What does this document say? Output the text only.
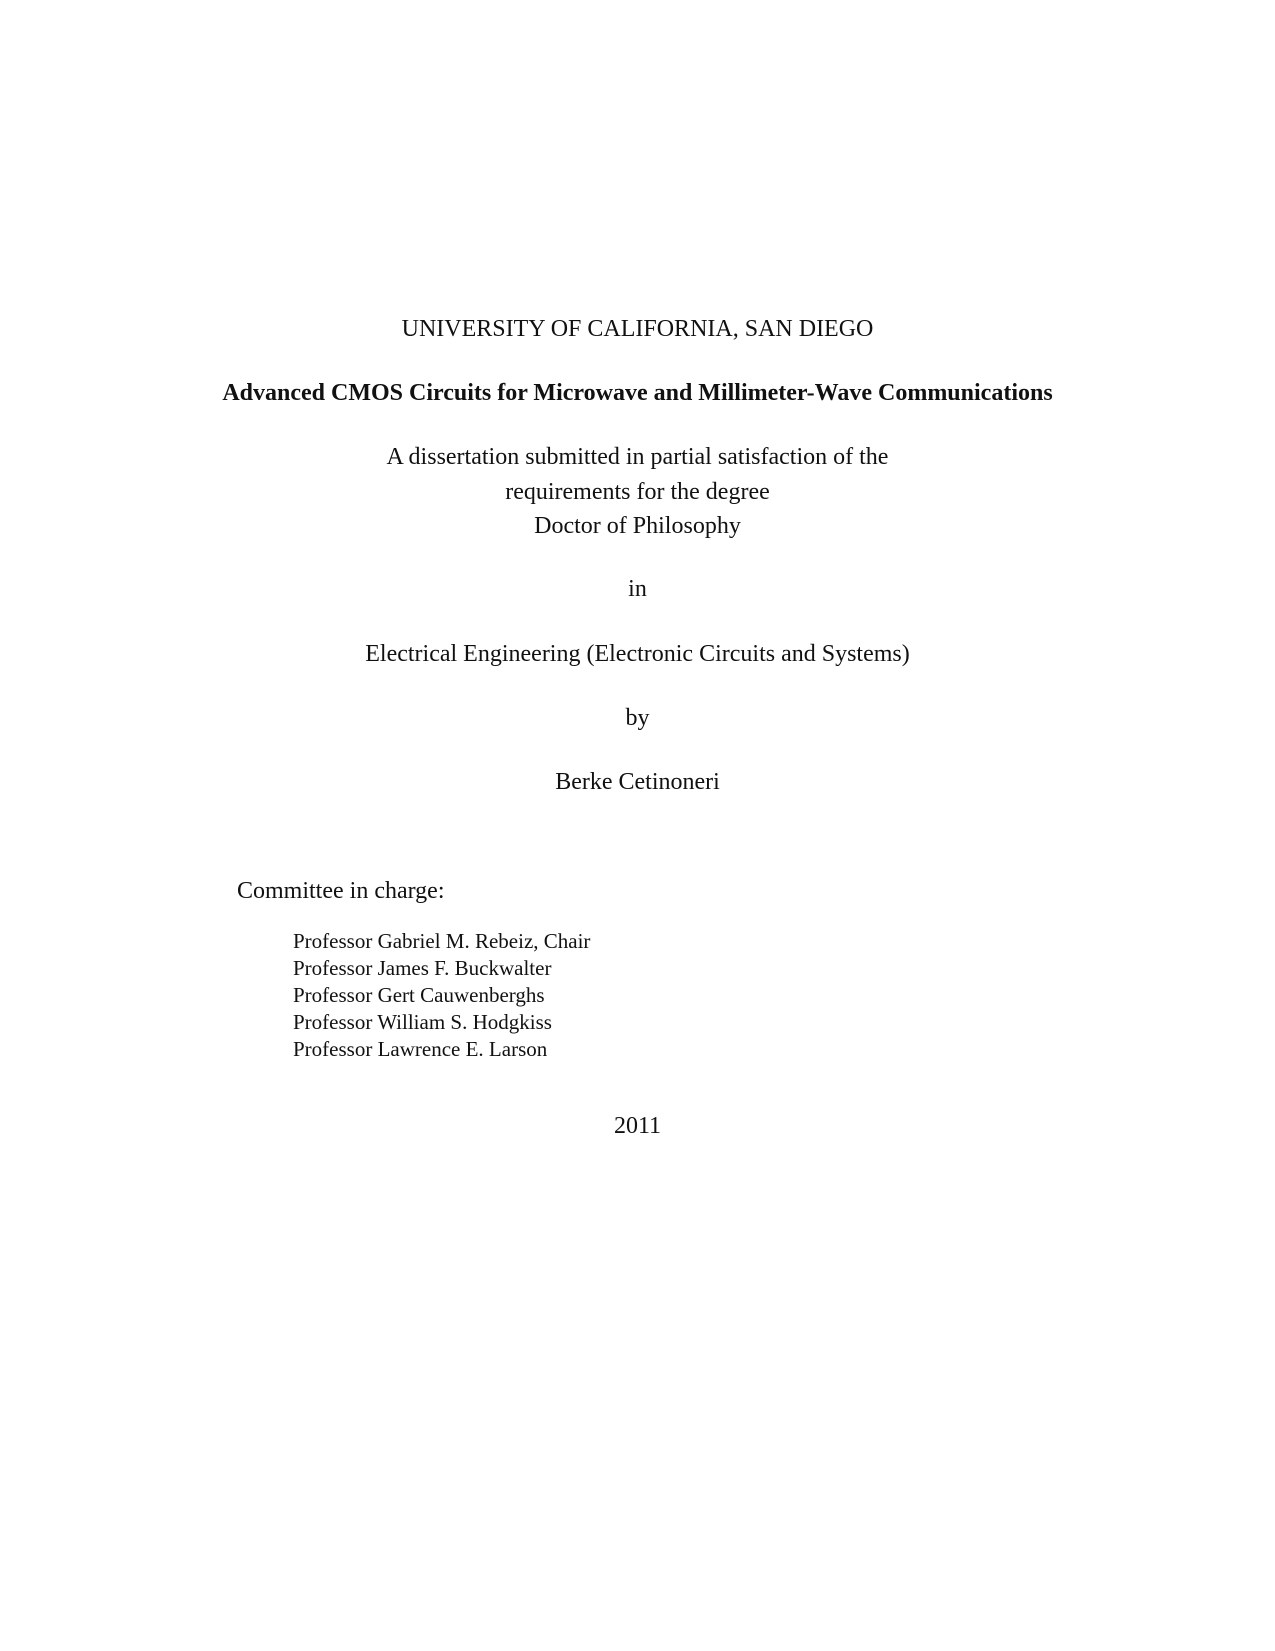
UNIVERSITY OF CALIFORNIA, SAN DIEGO
Advanced CMOS Circuits for Microwave and Millimeter-Wave Communications
A dissertation submitted in partial satisfaction of the
requirements for the degree
Doctor of Philosophy
in
Electrical Engineering (Electronic Circuits and Systems)
by
Berke Cetinoneri
Committee in charge:
Professor Gabriel M. Rebeiz, Chair
Professor James F. Buckwalter
Professor Gert Cauwenberghs
Professor William S. Hodgkiss
Professor Lawrence E. Larson
2011
